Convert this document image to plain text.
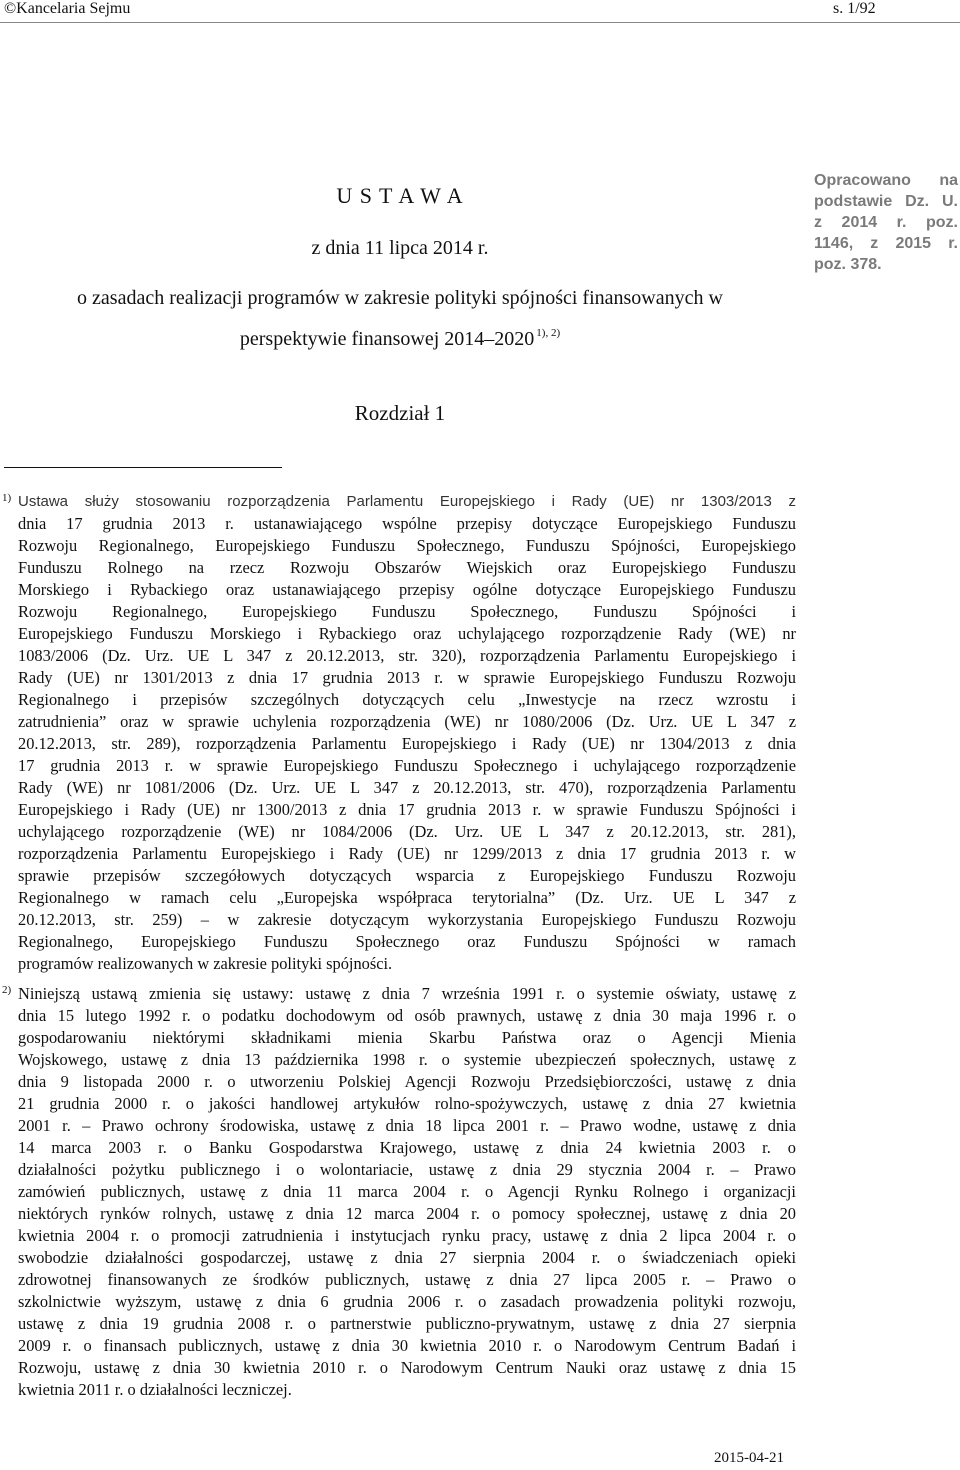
©Kancelaria Sejmu	s. 1/92
U S T A W A
z dnia 11 lipca 2014 r.
o zasadach realizacji programów w zakresie polityki spójności finansowanych w
perspektywie finansowej 2014–2020 $^{1), 2)}$
Opracowano na
podstawie Dz. U.
z 2014 r. poz.
1146, z 2015 r.
poz. 378.
Rozdział 1
1) Ustawa służy stosowaniu rozporządzenia Parlamentu Europejskiego i Rady (UE) nr 1303/2013 z
dnia 17 grudnia 2013 r. ustanawiającego wspólne przepisy dotyczące Europejskiego Funduszu
Rozwoju Regionalnego, Europejskiego Funduszu Społecznego, Funduszu Spójności, Europejskiego
Funduszu Rolnego na rzecz Rozwoju Obszarów Wiejskich oraz Europejskiego Funduszu
Morskiego i Rybackiego oraz ustanawiającego przepisy ogólne dotyczące Europejskiego Funduszu
Rozwoju Regionalnego, Europejskiego Funduszu Społecznego, Funduszu Spójności i
Europejskiego Funduszu Morskiego i Rybackiego oraz uchylającego rozporządzenie Rady (WE) nr
1083/2006 (Dz. Urz. UE L 347 z 20.12.2013, str. 320), rozporządzenia Parlamentu Europejskiego i
Rady (UE) nr 1301/2013 z dnia 17 grudnia 2013 r. w sprawie Europejskiego Funduszu Rozwoju
Regionalnego i przepisów szczególnych dotyczących celu „Inwestycje na rzecz wzrostu i
zatrudnienia” oraz w sprawie uchylenia rozporządzenia (WE) nr 1080/2006 (Dz. Urz. UE L 347 z
20.12.2013, str. 289), rozporządzenia Parlamentu Europejskiego i Rady (UE) nr 1304/2013 z dnia
17 grudnia 2013 r. w sprawie Europejskiego Funduszu Społecznego i uchylającego rozporządzenie
Rady (WE) nr 1081/2006 (Dz. Urz. UE L 347 z 20.12.2013, str. 470), rozporządzenia Parlamentu
Europejskiego i Rady (UE) nr 1300/2013 z dnia 17 grudnia 2013 r. w sprawie Funduszu Spójności i
uchylającego rozporządzenie (WE) nr 1084/2006 (Dz. Urz. UE L 347 z 20.12.2013, str. 281),
rozporządzenia Parlamentu Europejskiego i Rady (UE) nr 1299/2013 z dnia 17 grudnia 2013 r. w
sprawie przepisów szczegółowych dotyczących wsparcia z Europejskiego Funduszu Rozwoju
Regionalnego w ramach celu „Europejska współpraca terytorialna” (Dz. Urz. UE L 347 z
20.12.2013, str. 259) – w zakresie dotyczącym wykorzystania Europejskiego Funduszu Rozwoju
Regionalnego, Europejskiego Funduszu Społecznego oraz Funduszu Spójności w ramach
programów realizowanych w zakresie polityki spójności.
2) Niniejszą ustawą zmienia się ustawy: ustawę z dnia 7 września 1991 r. o systemie oświaty, ustawę z
dnia 15 lutego 1992 r. o podatku dochodowym od osób prawnych, ustawę z dnia 30 maja 1996 r. o
gospodarowaniu niektórymi składnikami mienia Skarbu Państwa oraz o Agencji Mienia
Wojskowego, ustawę z dnia 13 października 1998 r. o systemie ubezpieczeń społecznych, ustawę z
dnia 9 listopada 2000 r. o utworzeniu Polskiej Agencji Rozwoju Przedsiębiorczości, ustawę z dnia
21 grudnia 2000 r. o jakości handlowej artykułów rolno-spożywczych, ustawę z dnia 27 kwietnia
2001 r. – Prawo ochrony środowiska, ustawę z dnia 18 lipca 2001 r. – Prawo wodne, ustawę z dnia
14 marca 2003 r. o Banku Gospodarstwa Krajowego, ustawę z dnia 24 kwietnia 2003 r. o
działalności pożytku publicznego i o wolontariacie, ustawę z dnia 29 stycznia 2004 r. – Prawo
zamówień publicznych, ustawę z dnia 11 marca 2004 r. o Agencji Rynku Rolnego i organizacji
niektórych rynków rolnych, ustawę z dnia 12 marca 2004 r. o pomocy społecznej, ustawę z dnia 20
kwietnia 2004 r. o promocji zatrudnienia i instytucjach rynku pracy, ustawę z dnia 2 lipca 2004 r. o
swobodzie działalności gospodarczej, ustawę z dnia 27 sierpnia 2004 r. o świadczeniach opieki
zdrowotnej finansowanych ze środków publicznych, ustawę z dnia 27 lipca 2005 r. – Prawo o
szkolnictwie wyższym, ustawę z dnia 6 grudnia 2006 r. o zasadach prowadzenia polityki rozwoju,
ustawę z dnia 19 grudnia 2008 r. o partnerstwie publiczno-prywatnym, ustawę z dnia 27 sierpnia
2009 r. o finansach publicznych, ustawę z dnia 30 kwietnia 2010 r. o Narodowym Centrum Badań i
Rozwoju, ustawę z dnia 30 kwietnia 2010 r. o Narodowym Centrum Nauki oraz ustawę z dnia 15
kwietnia 2011 r. o działalności leczniczej.
2015-04-21
